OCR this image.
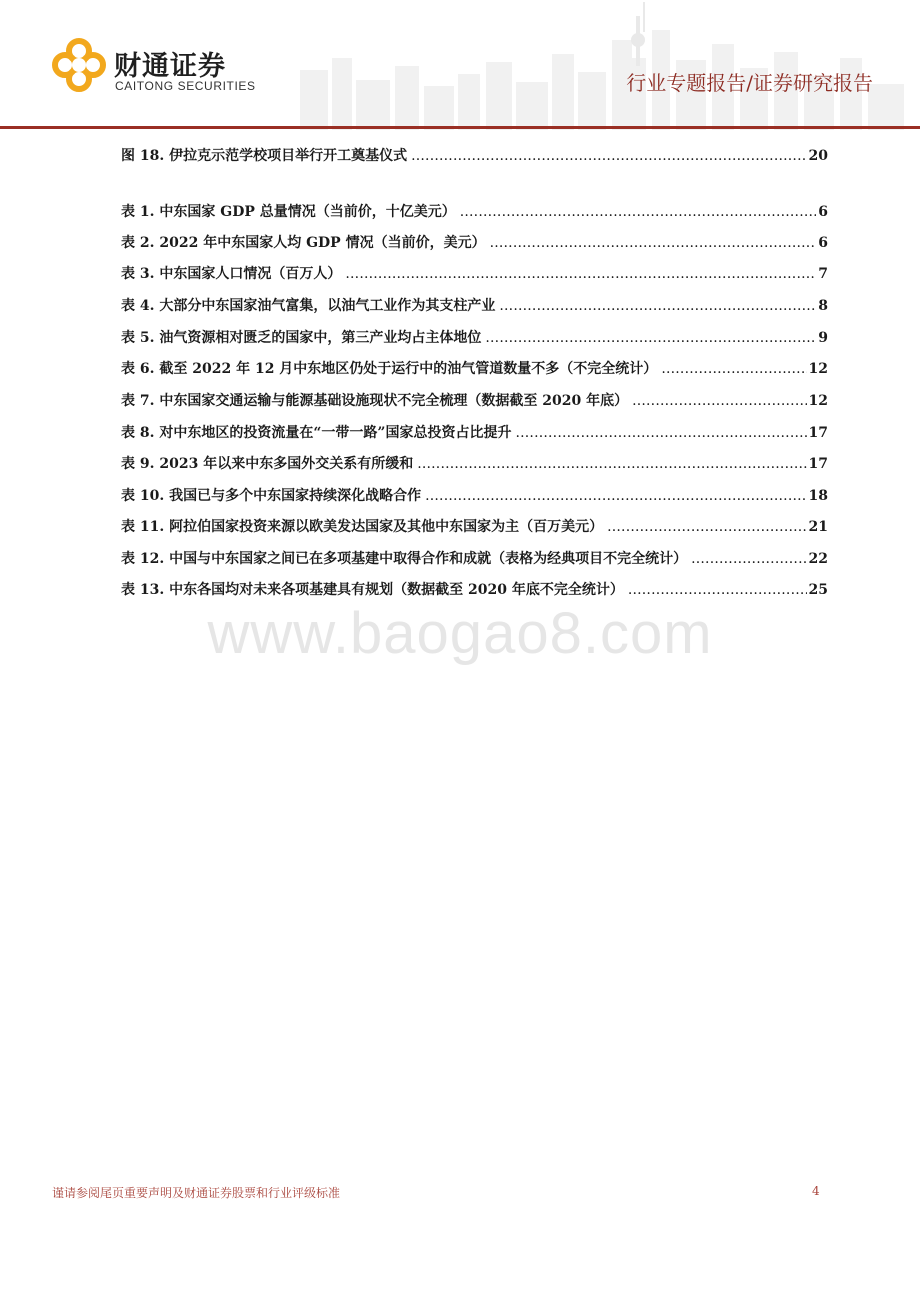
财通证券
CAITONG SECURITIES	行业专题报告/证券研究报告
图 18. 伊拉克示范学校项目举行开工奠基仪式 .....	20
表 1. 中东国家 GDP 总量情况（当前价，十亿美元） .....	6
表 2. 2022 年中东国家人均 GDP 情况（当前价，美元） .....	6
表 3. 中东国家人口情况（百万人） .....	7
表 4. 大部分中东国家油气富集，以油气工业作为其支柱产业 .....	8
表 5. 油气资源相对匮乏的国家中，第三产业均占主体地位 .....	9
表 6. 截至 2022 年 12 月中东地区仍处于运行中的油气管道数量不多（不完全统计） .....	12
表 7. 中东国家交通运输与能源基础设施现状不完全梳理（数据截至 2020 年底） .....	12
表 8. 对中东地区的投资流量在“一带一路”国家总投资占比提升 .....	17
表 9. 2023 年以来中东多国外交关系有所缓和 .....	17
表 10. 我国已与多个中东国家持续深化战略合作 .....	18
表 11. 阿拉伯国家投资来源以欧美发达国家及其他中东国家为主（百万美元） .....	21
表 12. 中国与中东国家之间已在多项基建中取得合作和成就（表格为经典项目不完全统计） .....	22
表 13. 中东各国均对未来各项基建具有规划（数据截至 2020 年底不完全统计） .....	25
www.baogao8.com
谨请参阅尾页重要声明及财通证券股票和行业评级标准	4
